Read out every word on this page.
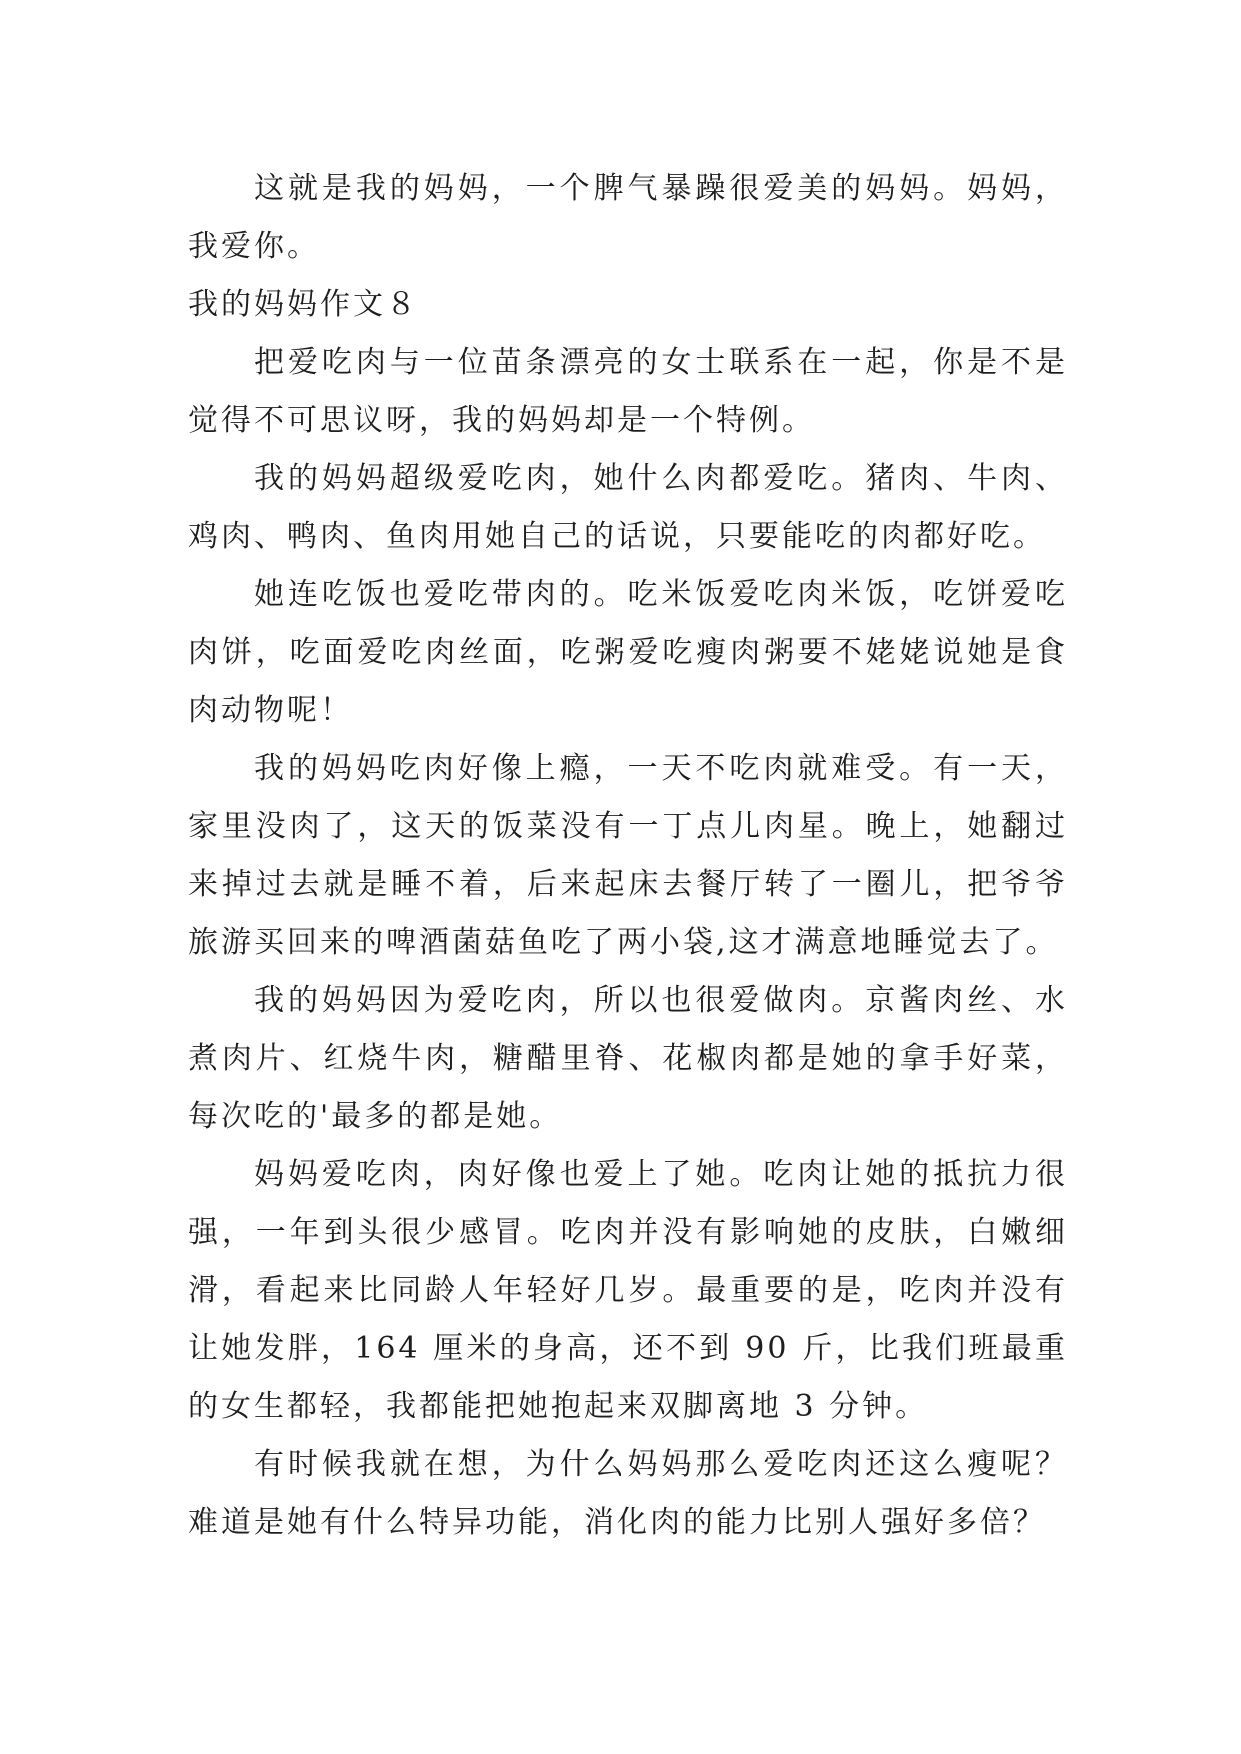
这就是我的妈妈，一个脾气暴躁很爱美的妈妈。妈妈，我爱你。

我的妈妈作文８

把爱吃肉与一位苗条漂亮的女士联系在一起，你是不是觉得不可思议呀，我的妈妈却是一个特例。

我的妈妈超级爱吃肉，她什么肉都爱吃。猪肉、牛肉、鸡肉、鸭肉、鱼肉用她自己的话说，只要能吃的肉都好吃。

她连吃饭也爱吃带肉的。吃米饭爱吃肉米饭，吃饼爱吃肉饼，吃面爱吃肉丝面，吃粥爱吃瘦肉粥要不姥姥说她是食肉动物呢！

我的妈妈吃肉好像上瘾，一天不吃肉就难受。有一天，家里没肉了，这天的饭菜没有一丁点儿肉星。晚上，她翻过来掉过去就是睡不着，后来起床去餐厅转了一圈儿，把爷爷旅游买回来的啤酒菌菇鱼吃了两小袋,这才满意地睡觉去了。

我的妈妈因为爱吃肉，所以也很爱做肉。京酱肉丝、水煮肉片、红烧牛肉，糖醋里脊、花椒肉都是她的拿手好菜，每次吃的'最多的都是她。

妈妈爱吃肉，肉好像也爱上了她。吃肉让她的抵抗力很强，一年到头很少感冒。吃肉并没有影响她的皮肤，白嫩细滑，看起来比同龄人年轻好几岁。最重要的是，吃肉并没有让她发胖，164 厘米的身高，还不到 90 斤，比我们班最重的女生都轻，我都能把她抱起来双脚离地 3 分钟。

有时候我就在想，为什么妈妈那么爱吃肉还这么瘦呢？难道是她有什么特异功能，消化肉的能力比别人强好多倍？
